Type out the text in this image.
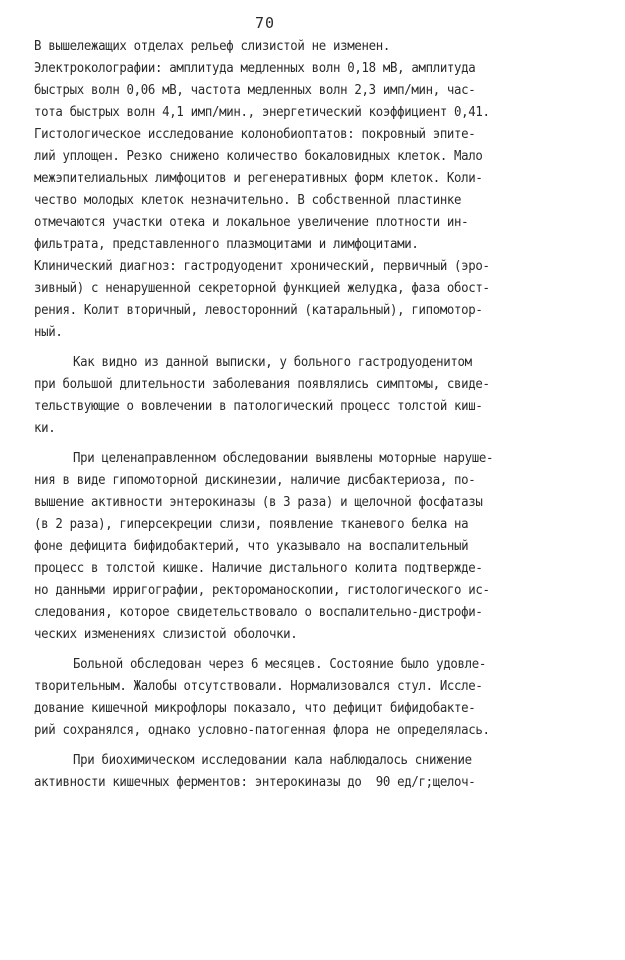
70
В вышележащих отделах рельеф слизистой не изменен.
Электроколографии: амплитуда медленных волн 0,18 мВ, амплитуда
быстрых волн 0,06 мВ, частота медленных волн 2,3 имп/мин, час-
тота быстрых волн 4,1 имп/мин., энергетический коэффициент 0,41.
Гистологическое исследование колонобиоптатов: покровный эпите-
лий уплощен. Резко снижено количество бокаловидных клеток. Мало
межэпителиальных лимфоцитов и регенеративных форм клеток. Коли-
чество молодых клеток незначительно. В собственной пластинке
отмечаются участки отека и локальное увеличение плотности ин-
фильтрата, представленного плазмоцитами и лимфоцитами.
Клинический диагноз: гастродуоденит хронический, первичный (эро-
зивный) с ненарушенной секреторной функцией желудка, фаза обост-
рения. Колит вторичный, левосторонний (катаральный), гипомотор-
ный.
Как видно из данной выписки, у больного гастродуоденитом
при большой длительности заболевания появлялись симптомы, свиде-
тельствующие о вовлечении в патологический процесс толстой киш-
ки.
При целенаправленном обследовании выявлены моторные наруше-
ния в виде гипомоторной дискинезии, наличие дисбактериоза, по-
вышение активности энтерокиназы (в 3 раза) и щелочной фосфатазы
(в 2 раза), гиперсекреции слизи, появление тканевого белка на
фоне дефицита бифидобактерий, что указывало на воспалительный
процесс в толстой кишке. Наличие дистального колита подтвержде-
но данными ирригографии, ректороманоскопии, гистологического ис-
следования, которое свидетельствовало о воспалительно-дистрофи-
ческих изменениях слизистой оболочки.
Больной обследован через 6 месяцев. Состояние было удовле-
творительным. Жалобы отсутствовали. Нормализовался стул. Иссле-
дование кишечной микрофлоры показало, что дефицит бифидобакте-
рий сохранялся, однако условно-патогенная флора не определялась.
При биохимическом исследовании кала наблюдалось снижение
активности кишечных ферментов: энтерокиназы до  90 ед/г;щелоч-
